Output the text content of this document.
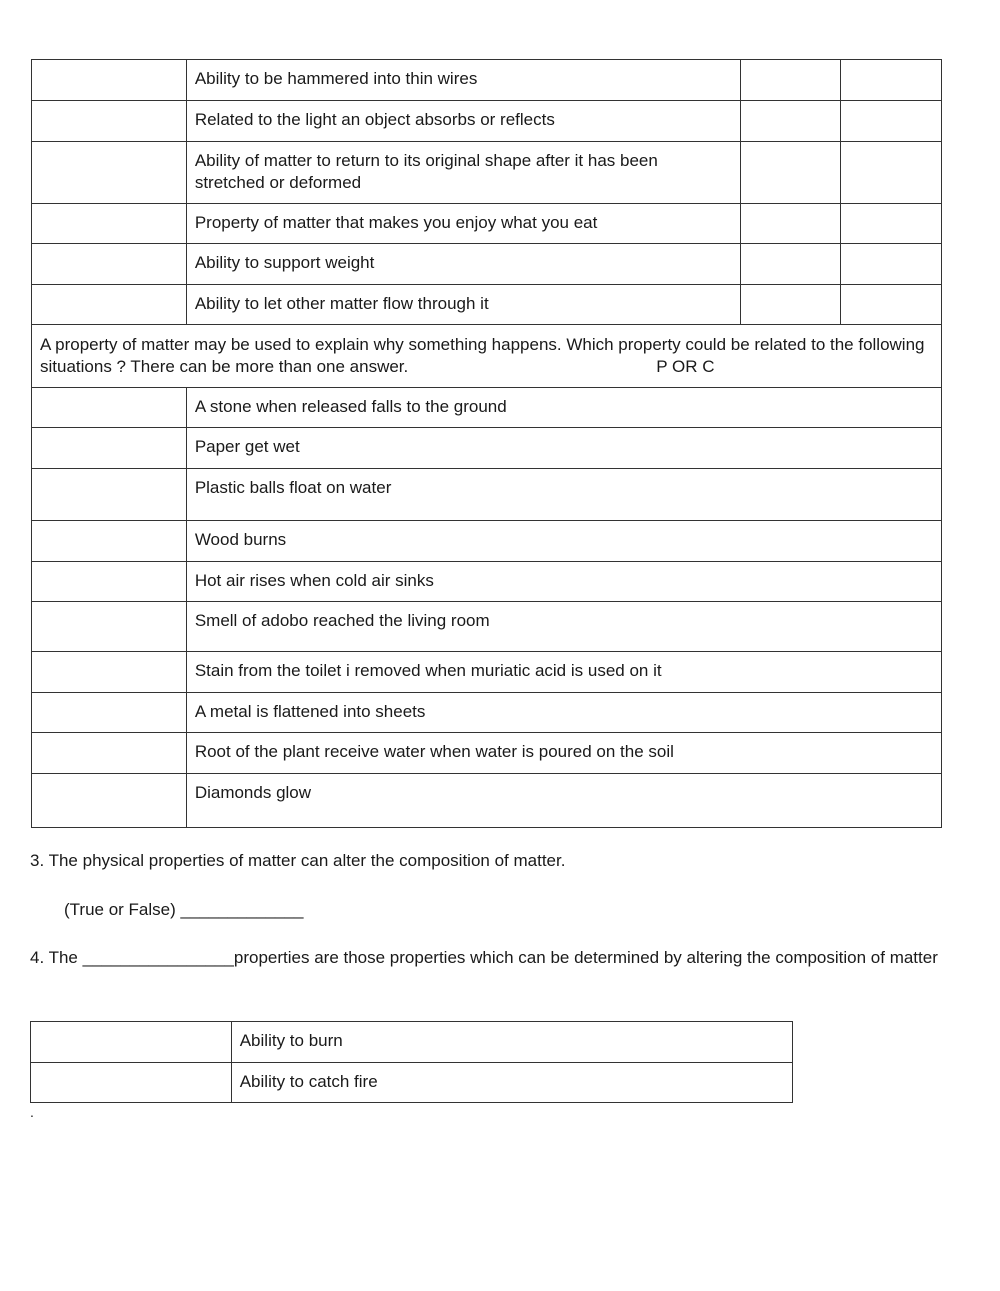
	Ability to be hammered into thin wires		
	Related to the light an object absorbs or reflects		
	Ability of matter to return to its original shape after it has been stretched or deformed		
	Property of matter that makes you enjoy what you eat		
	Ability to support weight		
	Ability to let other matter flow through it		
A property of matter may be used to explain why something happens. Which property could be related to the following situations ? There can be more than one answer. P OR C			
	A stone when released falls to the ground		
	Paper get wet		
	Plastic balls float on water		
	Wood burns		
	Hot air rises when cold air sinks		
	Smell of adobo reached the living room		
	Stain from the toilet i removed when muriatic acid is used on it		
	A metal is flattened into sheets		
	Root of the plant receive water when water is poured on the soil		
	Diamonds glow		
3. The physical properties of matter can alter the composition of matter.
(True or False) _____________
4. The ________________properties are those properties which can be determined by altering the composition of matter
	Ability to burn
	Ability to catch fire
.
